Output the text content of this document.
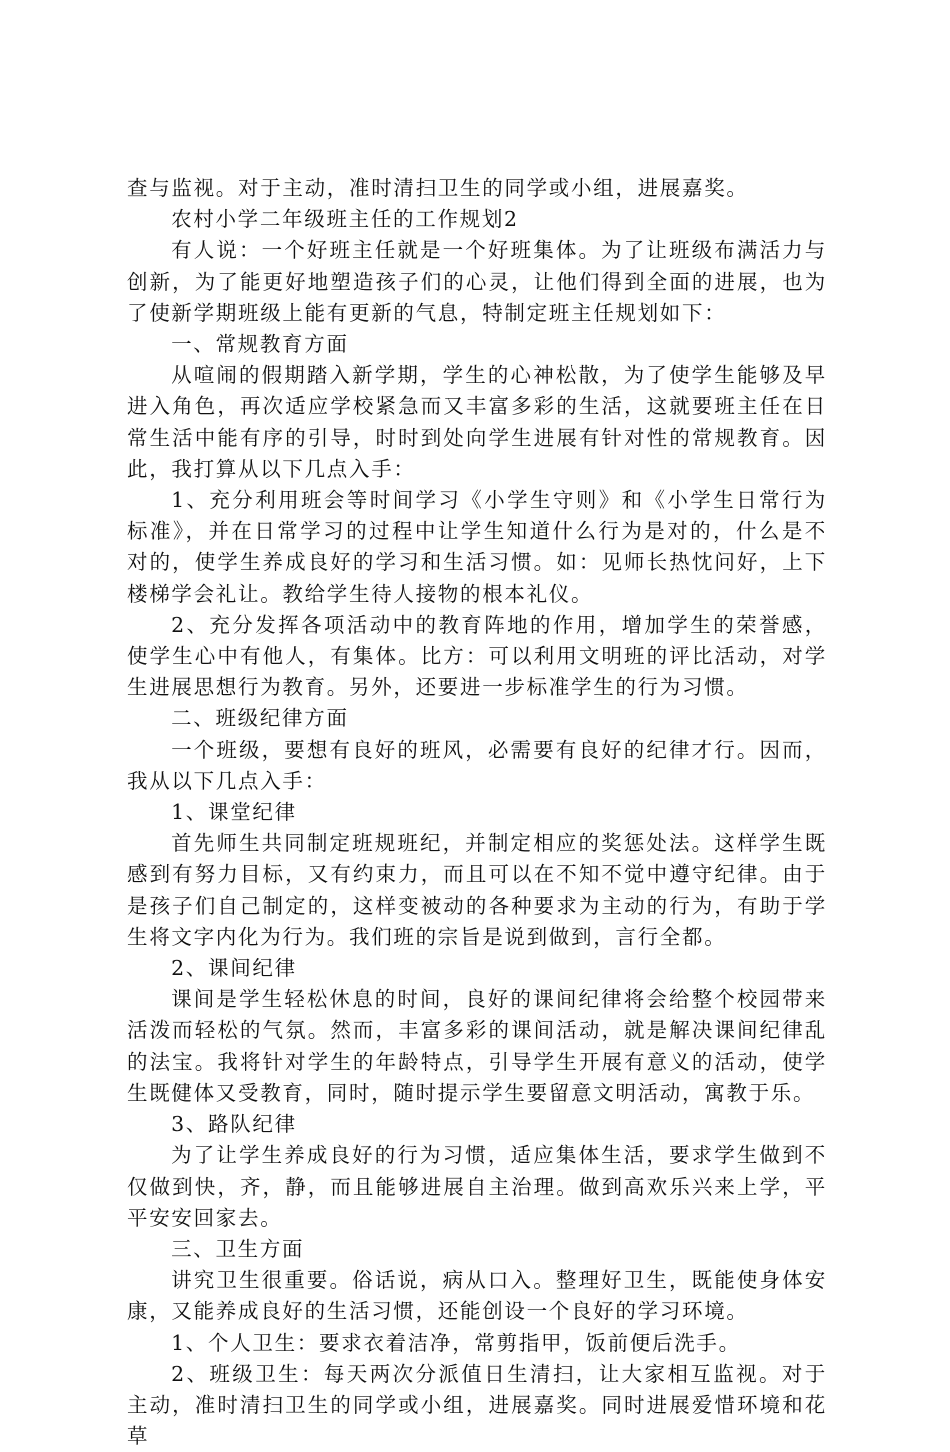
查与监视。对于主动，准时清扫卫生的同学或小组，进展嘉奖。

农村小学二年级班主任的工作规划2

有人说：一个好班主任就是一个好班集体。为了让班级布满活力与创新，为了能更好地塑造孩子们的心灵，让他们得到全面的进展，也为了使新学期班级上能有更新的气息，特制定班主任规划如下：

一、常规教育方面

从喧闹的假期踏入新学期，学生的心神松散，为了使学生能够及早进入角色，再次适应学校紧急而又丰富多彩的生活，这就要班主任在日常生活中能有序的引导，时时到处向学生进展有针对性的常规教育。因此，我打算从以下几点入手：

1、充分利用班会等时间学习《小学生守则》和《小学生日常行为标准》，并在日常学习的过程中让学生知道什么行为是对的，什么是不对的，使学生养成良好的学习和生活习惯。如：见师长热忱问好，上下楼梯学会礼让。教给学生待人接物的根本礼仪。

2、充分发挥各项活动中的教育阵地的作用，增加学生的荣誉感，使学生心中有他人，有集体。比方：可以利用文明班的评比活动，对学生进展思想行为教育。另外，还要进一步标准学生的行为习惯。

二、班级纪律方面

一个班级，要想有良好的班风，必需要有良好的纪律才行。因而，我从以下几点入手：

1、课堂纪律

首先师生共同制定班规班纪，并制定相应的奖惩处法。这样学生既感到有努力目标，又有约束力，而且可以在不知不觉中遵守纪律。由于是孩子们自己制定的，这样变被动的各种要求为主动的行为，有助于学生将文字内化为行为。我们班的宗旨是说到做到，言行全都。

2、课间纪律

课间是学生轻松休息的时间，良好的课间纪律将会给整个校园带来活泼而轻松的气氛。然而，丰富多彩的课间活动，就是解决课间纪律乱的法宝。我将针对学生的年龄特点，引导学生开展有意义的活动，使学生既健体又受教育，同时，随时提示学生要留意文明活动，寓教于乐。

3、路队纪律

为了让学生养成良好的行为习惯，适应集体生活，要求学生做到不仅做到快，齐，静，而且能够进展自主治理。做到高欢乐兴来上学，平平安安回家去。

三、卫生方面

讲究卫生很重要。俗话说，病从口入。整理好卫生，既能使身体安康，又能养成良好的生活习惯，还能创设一个良好的学习环境。

1、个人卫生：要求衣着洁净，常剪指甲，饭前便后洗手。

2、班级卫生：每天两次分派值日生清扫，让大家相互监视。对于主动，准时清扫卫生的同学或小组，进展嘉奖。同时进展爱惜环境和花草
